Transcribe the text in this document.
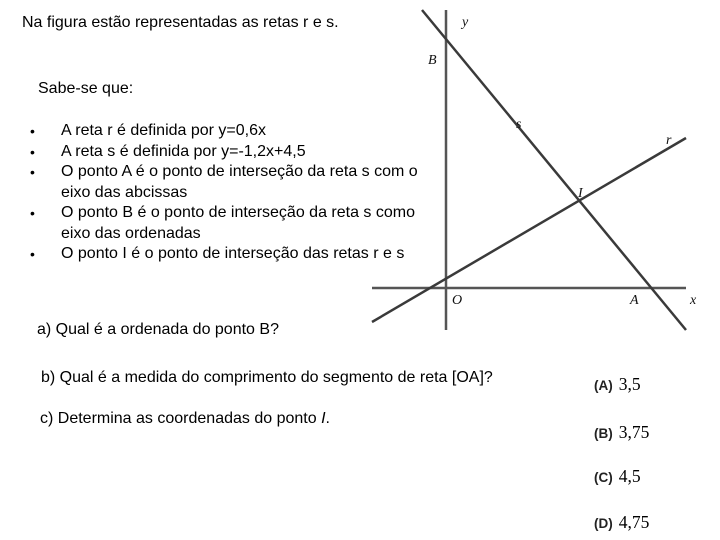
Na figura estão representadas as retas r e s.
Sabe-se que:
• A reta r é definida por y=0,6x
• A reta s é definida por y=-1,2x+4,5
• O ponto A é o ponto de interseção da reta s com o eixo das abcissas
• O ponto B é o ponto de interseção da reta s como eixo das ordenadas
• O ponto I é o ponto de interseção das retas r e s
y
x
O	A
B
I
r
s
a) Qual é a ordenada do ponto B?
b) Qual é a medida do comprimento do segmento de reta [OA]?
c) Determina as coordenadas do ponto I.
(A) 3,5
(B) 3,75
(C) 4,5
(D) 4,75
